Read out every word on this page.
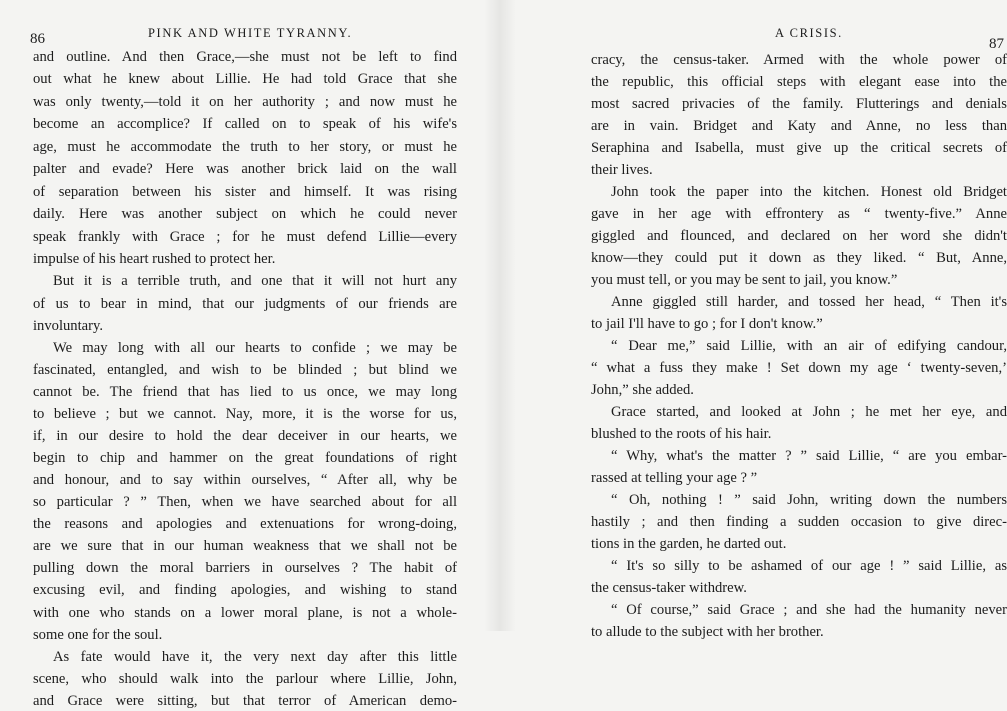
86	PINK AND WHITE TYRANNY.
and outline. And then Grace,—she must not be left to find
out what he knew about Lillie. He had told Grace that she
was only twenty,—told it on her authority ; and now must he
become an accomplice? If called on to speak of his wife's
age, must he accommodate the truth to her story, or must he
palter and evade? Here was another brick laid on the wall
of separation between his sister and himself. It was rising
daily. Here was another subject on which he could never
speak frankly with Grace ; for he must defend Lillie—every
impulse of his heart rushed to protect her.
But it is a terrible truth, and one that it will not hurt any
of us to bear in mind, that our judgments of our friends are
involuntary.
We may long with all our hearts to confide ; we may be
fascinated, entangled, and wish to be blinded ; but blind we
cannot be. The friend that has lied to us once, we may long
to believe ; but we cannot. Nay, more, it is the worse for us,
if, in our desire to hold the dear deceiver in our hearts, we
begin to chip and hammer on the great foundations of right
and honour, and to say within ourselves, “ After all, why be
so particular ? ” Then, when we have searched about for all
the reasons and apologies and extenuations for wrong-doing,
are we sure that in our human weakness that we shall not be
pulling down the moral barriers in ourselves ? The habit of
excusing evil, and finding apologies, and wishing to stand
with one who stands on a lower moral plane, is not a whole-
some one for the soul.
As fate would have it, the very next day after this little
scene, who should walk into the parlour where Lillie, John,
and Grace were sitting, but that terror of American demo-
A CRISIS.
87
cracy, the census-taker. Armed with the whole power of
the republic, this official steps with elegant ease into the
most sacred privacies of the family. Flutterings and denials
are in vain. Bridget and Katy and Anne, no less than
Seraphina and Isabella, must give up the critical secrets of
their lives.
John took the paper into the kitchen. Honest old Bridget
gave in her age with effrontery as “ twenty-five.” Anne
giggled and flounced, and declared on her word she didn't
know—they could put it down as they liked. “ But, Anne,
you must tell, or you may be sent to jail, you know.”
Anne giggled still harder, and tossed her head, “ Then it's
to jail I'll have to go ; for I don't know.”
“ Dear me,” said Lillie, with an air of edifying candour,
“ what a fuss they make ! Set down my age ‘ twenty-seven,’
John,” she added.
Grace started, and looked at John ; he met her eye, and
blushed to the roots of his hair.
“ Why, what's the matter ? ” said Lillie, “ are you embar-
rassed at telling your age ? ”
“ Oh, nothing ! ” said John, writing down the numbers
hastily ; and then finding a sudden occasion to give direc-
tions in the garden, he darted out.
“ It's so silly to be ashamed of our age ! ” said Lillie, as
the census-taker withdrew.
“ Of course,” said Grace ; and she had the humanity never
to allude to the subject with her brother.
